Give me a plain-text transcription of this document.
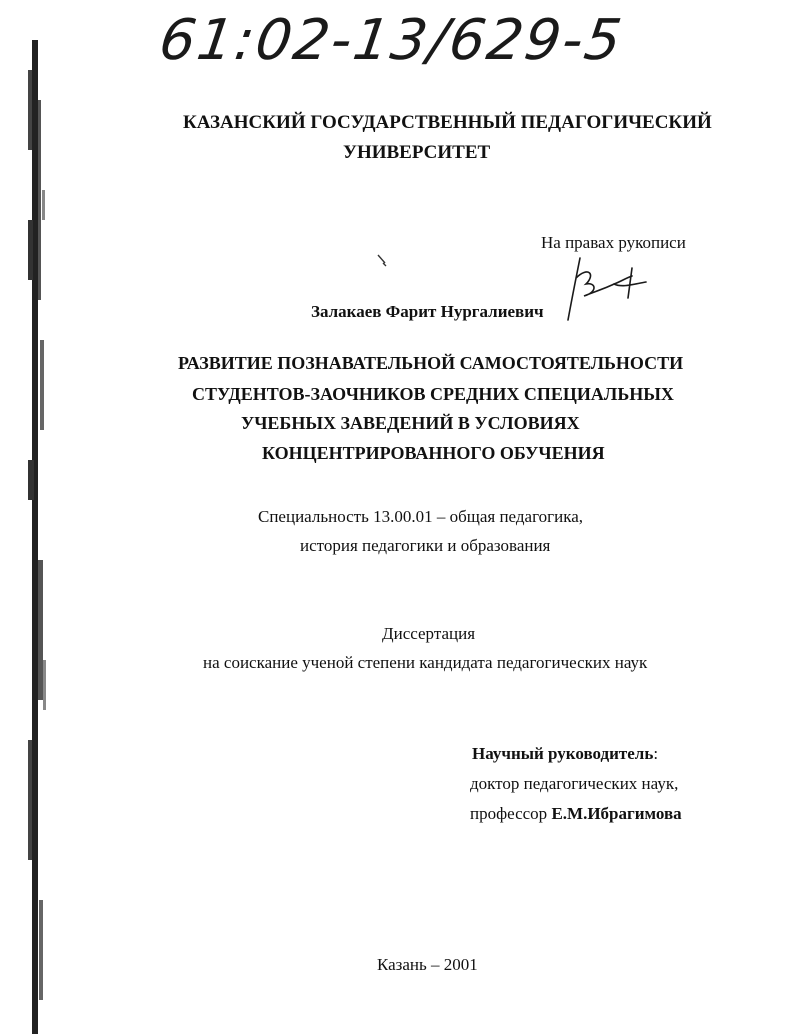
61:02-13/629-5
КАЗАНСКИЙ ГОСУДАРСТВЕННЫЙ ПЕДАГОГИЧЕСКИЙ
УНИВЕРСИТЕТ
На правах рукописи
Залакаев Фарит Нургалиевич
РАЗВИТИЕ ПОЗНАВАТЕЛЬНОЙ САМОСТОЯТЕЛЬНОСТИ
СТУДЕНТОВ-ЗАОЧНИКОВ СРЕДНИХ СПЕЦИАЛЬНЫХ
УЧЕБНЫХ ЗАВЕДЕНИЙ В УСЛОВИЯХ
КОНЦЕНТРИРОВАННОГО ОБУЧЕНИЯ
Специальность 13.00.01 – общая педагогика,
история педагогики и образования
Диссертация
на соискание ученой степени кандидата педагогических наук
Научный руководитель:
доктор педагогических наук,
профессор Е.М.Ибрагимова
Казань – 2001
